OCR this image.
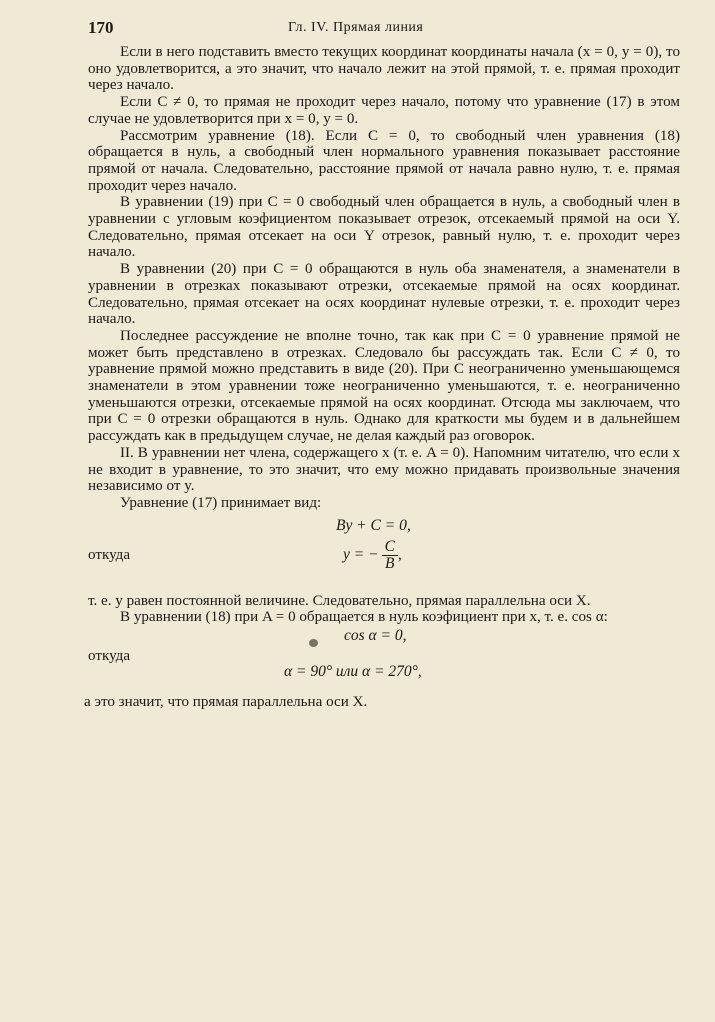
170	Гл. IV. Прямая линия

Если в него подставить вместо текущих координат координаты начала (x = 0, y = 0), то оно удовлетворится, а это значит, что начало лежит на этой прямой, т. е. прямая проходит через начало.

Если C ≠ 0, то прямая не проходит через начало, потому что уравнение (17) в этом случае не удовлетворится при x = 0, y = 0.

Рассмотрим уравнение (18). Если C = 0, то свободный член уравнения (18) обращается в нуль, а свободный член нормального уравнения показывает расстояние прямой от начала. Следовательно, расстояние прямой от начала равно нулю, т. е. прямая проходит через начало.

В уравнении (19) при C = 0 свободный член обращается в нуль, а свободный член в уравнении с угловым коэфициентом показывает отрезок, отсекаемый прямой на оси Y. Следовательно, прямая отсекает на оси Y отрезок, равный нулю, т. е. проходит через начало.

В уравнении (20) при C = 0 обращаются в нуль оба знаменателя, а знаменатели в уравнении в отрезках показывают отрезки, отсекаемые прямой на осях координат. Следовательно, прямая отсекает на осях координат нулевые отрезки, т. е. проходит через начало.

Последнее рассуждение не вполне точно, так как при C = 0 уравнение прямой не может быть представлено в отрезках. Следовало бы рассуждать так. Если C ≠ 0, то уравнение прямой можно представить в виде (20). При C неограниченно уменьшающемся знаменатели в этом уравнении тоже неограниченно уменьшаются, т. е. неограниченно уменьшаются отрезки, отсекаемые прямой на осях координат. Отсюда мы заключаем, что при C = 0 отрезки обращаются в нуль. Однако для краткости мы будем и в дальнейшем рассуждать как в предыдущем случае, не делая каждый раз оговорок.

II. В уравнении нет члена, содержащего x (т. е. A = 0). Напомним читателю, что если x не входит в уравнение, то это значит, что ему можно придавать произвольные значения независимо от y.

Уравнение (17) принимает вид:

By + C = 0,
откуда	y = − $\frac{C}{B}$ ,

т. е. y равен постоянной величине. Следовательно, прямая параллельна оси X.

В уравнении (18) при A = 0 обращается в нуль коэфициент при x, т. е. cos α:

cos α = 0,
откуда
α = 90° или α = 270°,

а это значит, что прямая параллельна оси X.
